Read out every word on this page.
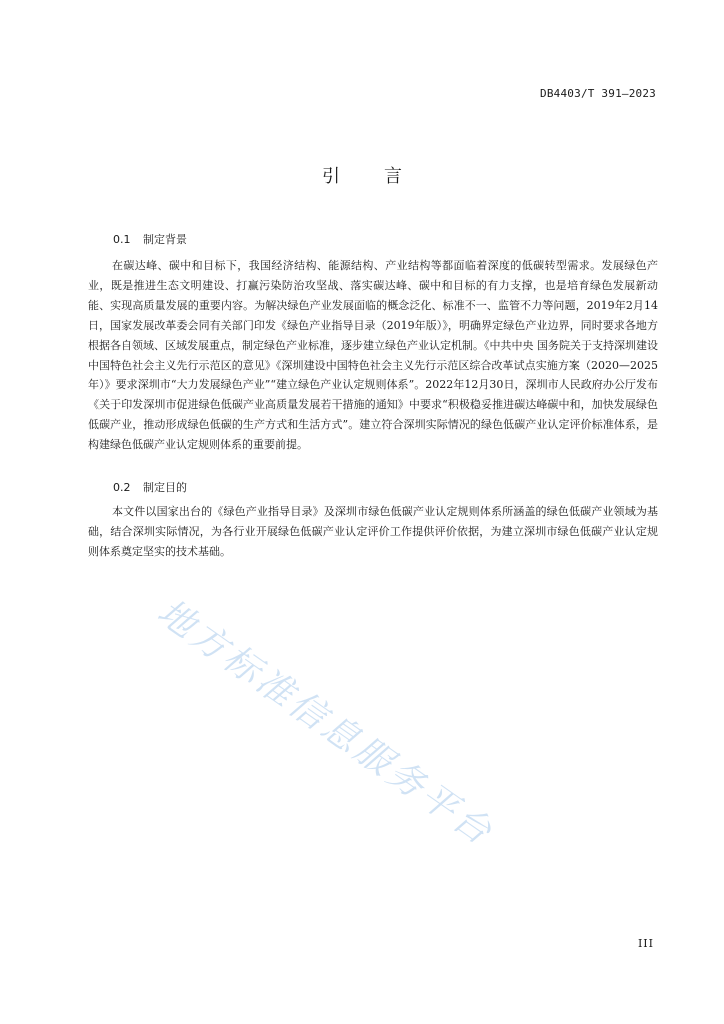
DB4403/T 391—2023
引 言
0.1 制定背景
在碳达峰、碳中和目标下，我国经济结构、能源结构、产业结构等都面临着深度的低碳转型需求。发展绿色产业，既是推进生态文明建设、打赢污染防治攻坚战、落实碳达峰、碳中和目标的有力支撑，也是培育绿色发展新动能、实现高质量发展的重要内容。为解决绿色产业发展面临的概念泛化、标准不一、监管不力等问题，2019年2月14日，国家发展改革委会同有关部门印发《绿色产业指导目录（2019年版）》，明确界定绿色产业边界，同时要求各地方根据各自领域、区域发展重点，制定绿色产业标准，逐步建立绿色产业认定机制。《中共中央 国务院关于支持深圳建设中国特色社会主义先行示范区的意见》《深圳建设中国特色社会主义先行示范区综合改革试点实施方案（2020—2025年）》要求深圳市“大力发展绿色产业”“建立绿色产业认定规则体系”。2022年12月30日，深圳市人民政府办公厅发布《关于印发深圳市促进绿色低碳产业高质量发展若干措施的通知》中要求“积极稳妥推进碳达峰碳中和，加快发展绿色低碳产业，推动形成绿色低碳的生产方式和生活方式”。建立符合深圳实际情况的绿色低碳产业认定评价标准体系，是构建绿色低碳产业认定规则体系的重要前提。
0.2 制定目的
本文件以国家出台的《绿色产业指导目录》及深圳市绿色低碳产业认定规则体系所涵盖的绿色低碳产业领域为基础，结合深圳实际情况，为各行业开展绿色低碳产业认定评价工作提供评价依据，为建立深圳市绿色低碳产业认定规则体系奠定坚实的技术基础。
地方标准信息服务平台
III
